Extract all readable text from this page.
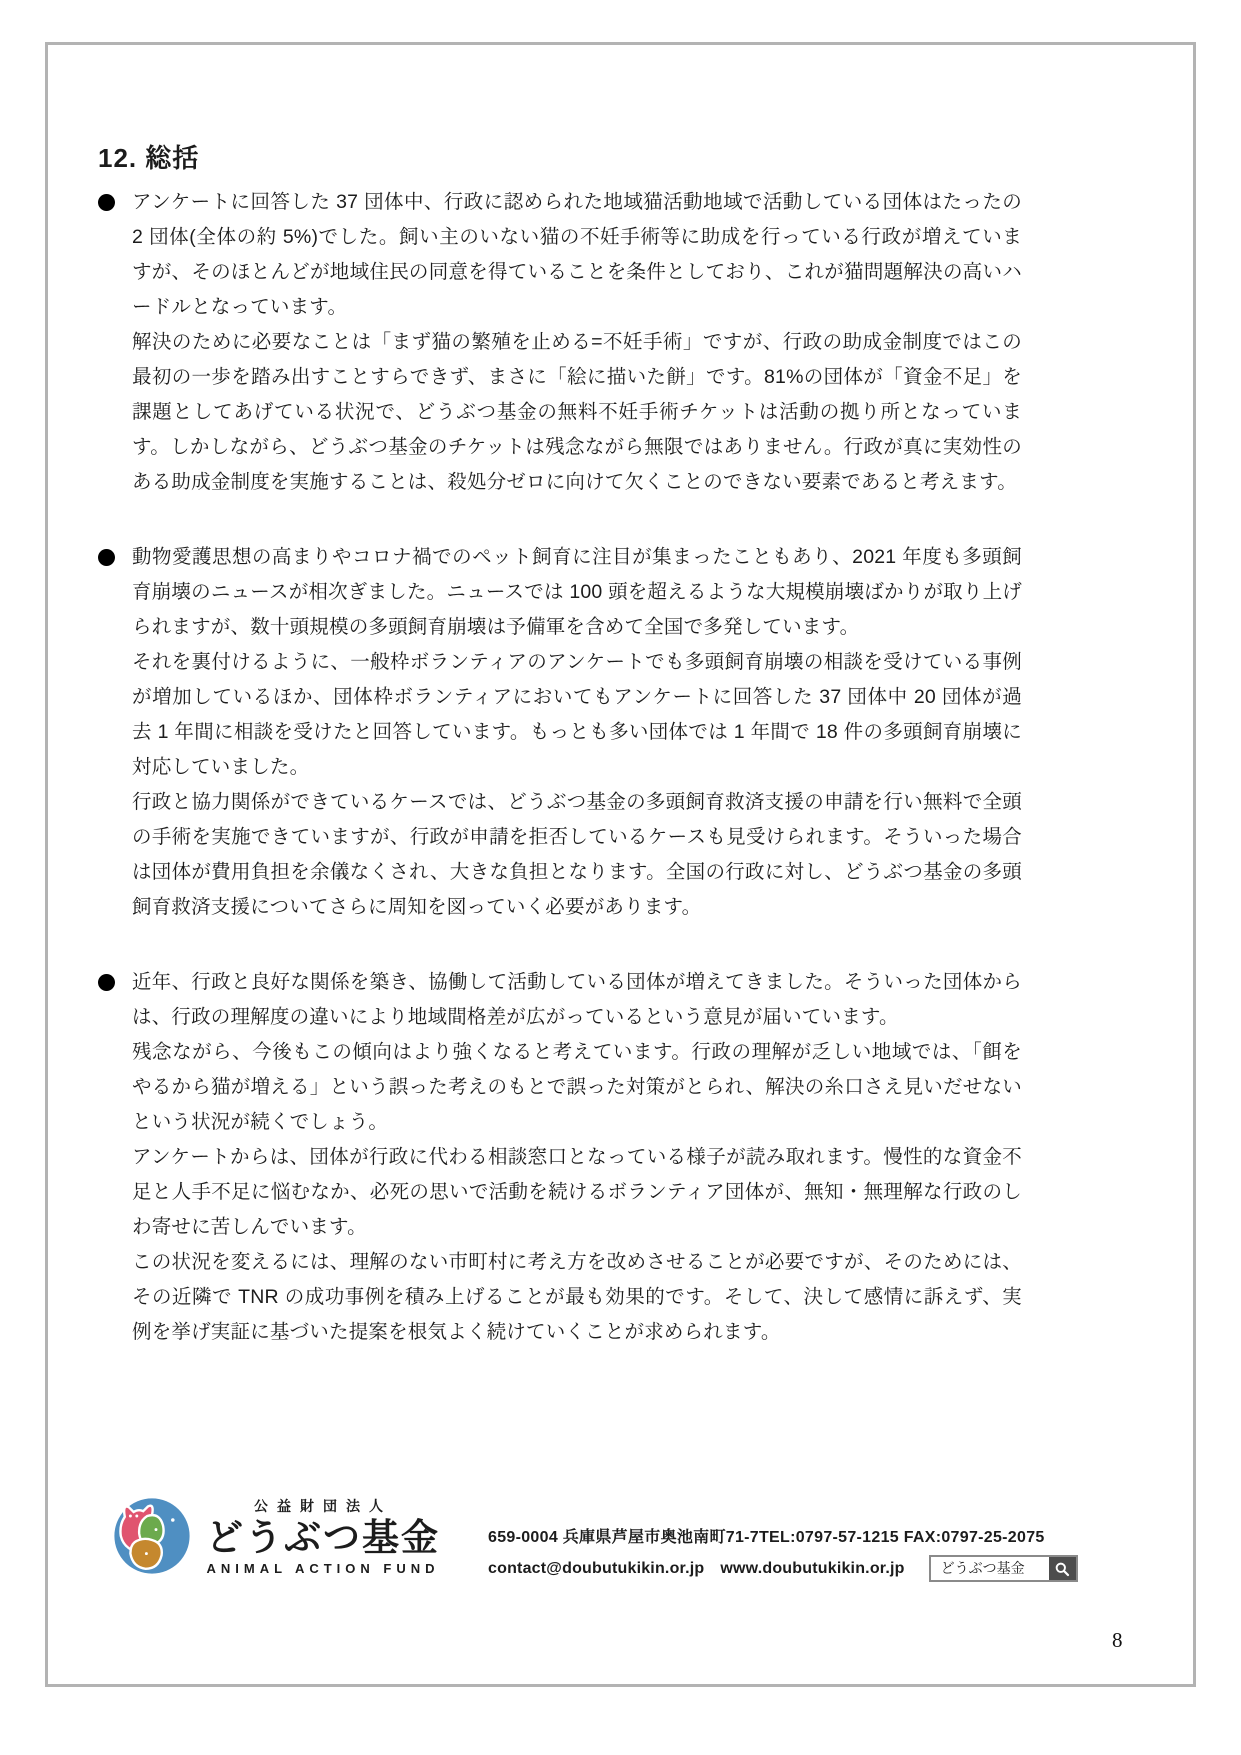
12. 総括

アンケートに回答した 37 団体中、行政に認められた地域猫活動地域で活動している団体はたったの 2 団体(全体の約 5%)でした。飼い主のいない猫の不妊手術等に助成を行っている行政が増えていますが、そのほとんどが地域住民の同意を得ていることを条件としており、これが猫問題解決の高いハードルとなっています。

解決のために必要なことは「まず猫の繁殖を止める=不妊手術」ですが、行政の助成金制度ではこの最初の一歩を踏み出すことすらできず、まさに「絵に描いた餅」です。81%の団体が「資金不足」を課題としてあげている状況で、どうぶつ基金の無料不妊手術チケットは活動の拠り所となっています。しかしながら、どうぶつ基金のチケットは残念ながら無限ではありません。行政が真に実効性のある助成金制度を実施することは、殺処分ゼロに向けて欠くことのできない要素であると考えます。

動物愛護思想の高まりやコロナ禍でのペット飼育に注目が集まったこともあり、2021 年度も多頭飼育崩壊のニュースが相次ぎました。ニュースでは 100 頭を超えるような大規模崩壊ばかりが取り上げられますが、数十頭規模の多頭飼育崩壊は予備軍を含めて全国で多発しています。

それを裏付けるように、一般枠ボランティアのアンケートでも多頭飼育崩壊の相談を受けている事例が増加しているほか、団体枠ボランティアにおいてもアンケートに回答した 37 団体中 20 団体が過去 1 年間に相談を受けたと回答しています。もっとも多い団体では 1 年間で 18 件の多頭飼育崩壊に対応していました。

行政と協力関係ができているケースでは、どうぶつ基金の多頭飼育救済支援の申請を行い無料で全頭の手術を実施できていますが、行政が申請を拒否しているケースも見受けられます。そういった場合は団体が費用負担を余儀なくされ、大きな負担となります。全国の行政に対し、どうぶつ基金の多頭飼育救済支援についてさらに周知を図っていく必要があります。

近年、行政と良好な関係を築き、協働して活動している団体が増えてきました。そういった団体からは、行政の理解度の違いにより地域間格差が広がっているという意見が届いています。

残念ながら、今後もこの傾向はより強くなると考えています。行政の理解が乏しい地域では、「餌をやるから猫が増える」という誤った考えのもとで誤った対策がとられ、解決の糸口さえ見いだせないという状況が続くでしょう。

アンケートからは、団体が行政に代わる相談窓口となっている様子が読み取れます。慢性的な資金不足と人手不足に悩むなか、必死の思いで活動を続けるボランティア団体が、無知・無理解な行政のしわ寄せに苦しんでいます。

この状況を変えるには、理解のない市町村に考え方を改めさせることが必要ですが、そのためには、その近隣で TNR の成功事例を積み上げることが最も効果的です。そして、決して感情に訴えず、実例を挙げ実証に基づいた提案を根気よく続けていくことが求められます。

公益財団法人
どうぶつ基金
ANIMAL ACTION FUND
659-0004 兵庫県芦屋市奥池南町71-7TEL:0797-57-1215 FAX:0797-25-2075
contact@doubutukikin.or.jp www.doubutukikin.or.jp	どうぶつ基金
8
